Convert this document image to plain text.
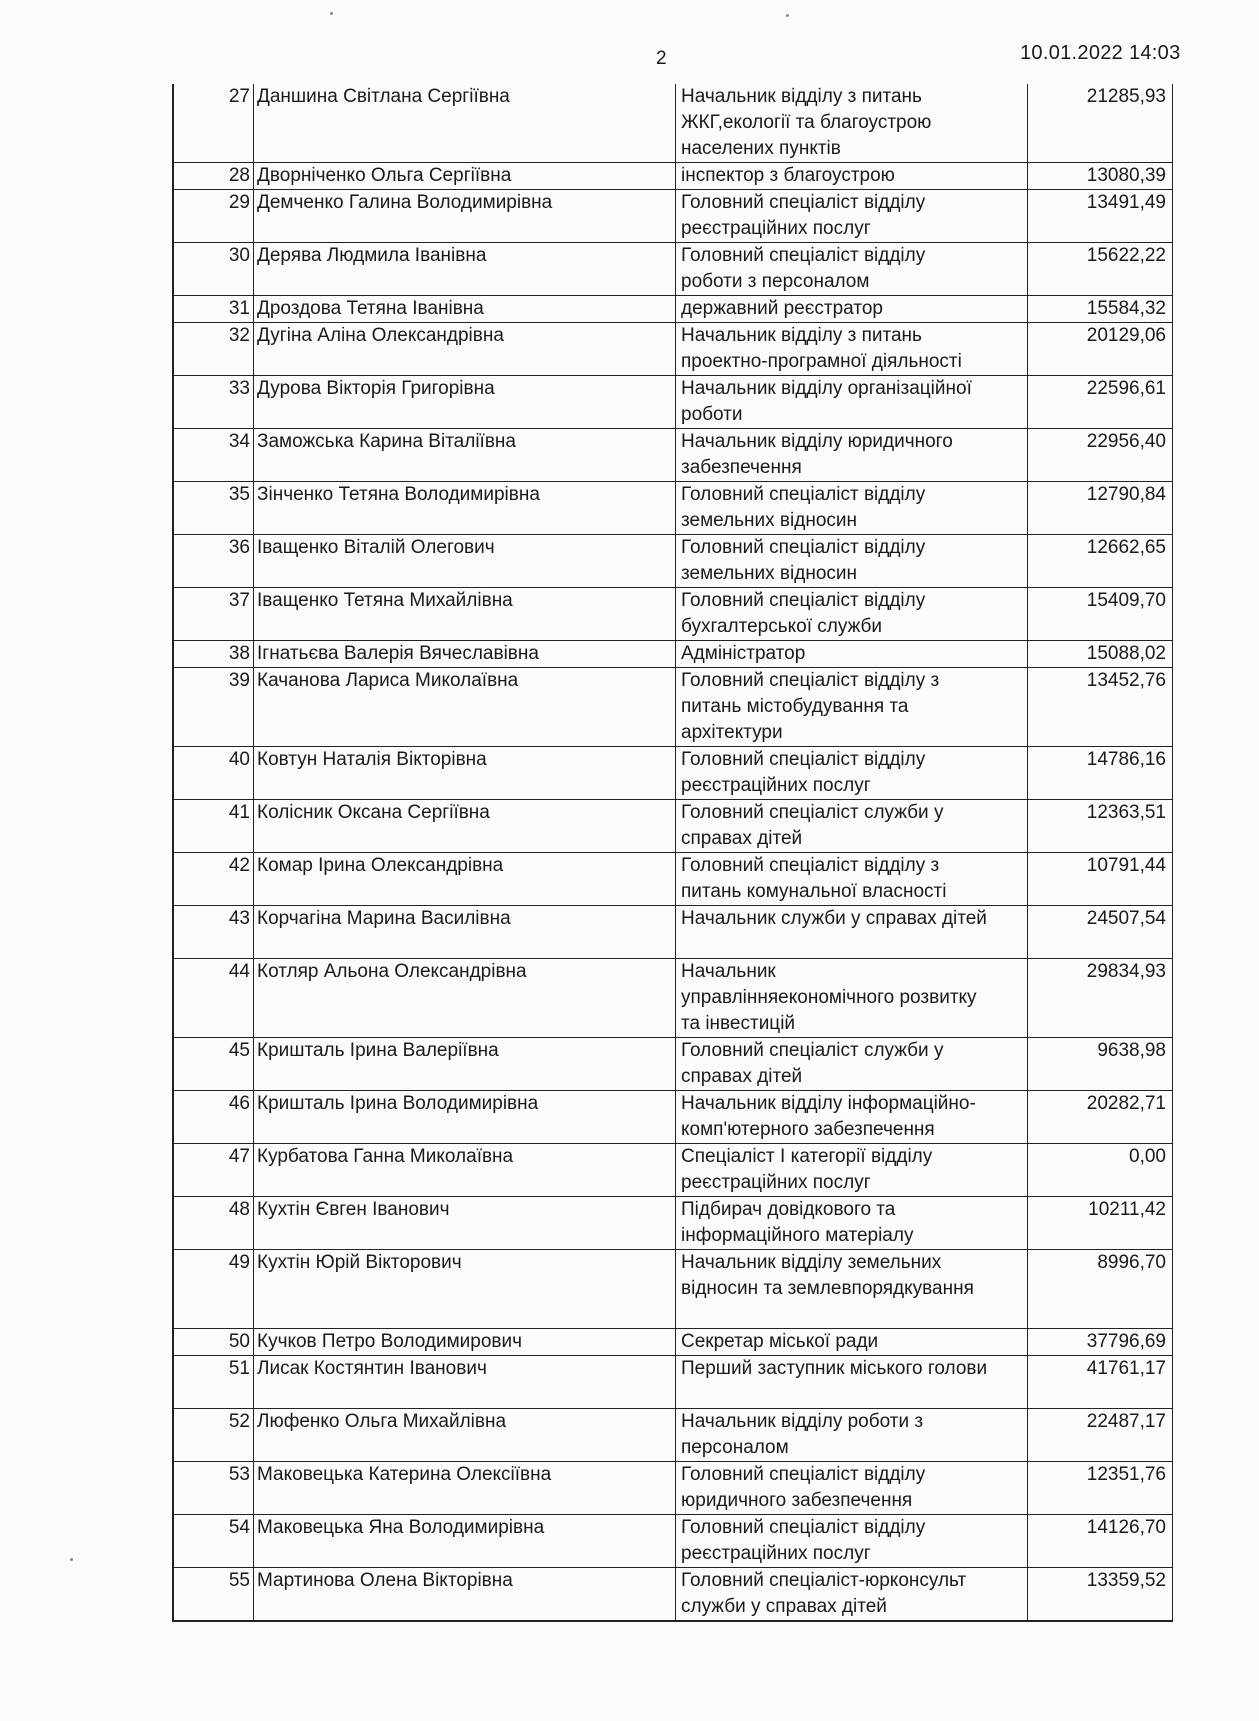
2	10.01.2022 14:03
27	Даншина Світлана Сергіївна	Начальник відділу з питань
ЖКГ,екології та благоустрою
населених пунктів	21285,93
28	Дворніченко Ольга Сергіївна	інспектор з благоустрою	13080,39
29	Демченко Галина Володимирівна	Головний спеціаліст відділу
реєстраційних послуг	13491,49
30	Дерява Людмила Іванівна	Головний спеціаліст відділу
роботи з персоналом	15622,22
31	Дроздова Тетяна Іванівна	державний реєстратор	15584,32
32	Дугіна Аліна Олександрівна	Начальник відділу з питань
проектно-програмної діяльності	20129,06
33	Дурова Вікторія Григорівна	Начальник відділу організаційної
роботи	22596,61
34	Заможська Карина Віталіївна	Начальник відділу юридичного
забезпечення	22956,40
35	Зінченко Тетяна Володимирівна	Головний спеціаліст відділу
земельних відносин	12790,84
36	Іващенко Віталій Олегович	Головний спеціаліст відділу
земельних відносин	12662,65
37	Іващенко Тетяна Михайлівна	Головний спеціаліст відділу
бухгалтерської служби	15409,70
38	Ігнатьєва Валерія Вячеславівна	Адміністратор	15088,02
39	Качанова Лариса Миколаївна	Головний спеціаліст відділу з
питань містобудування та
архітектури	13452,76
40	Ковтун Наталія Вікторівна	Головний спеціаліст відділу
реєстраційних послуг	14786,16
41	Колісник Оксана Сергіївна	Головний спеціаліст служби у
справах дітей	12363,51
42	Комар Ірина Олександрівна	Головний спеціаліст відділу з
питань комунальної власності	10791,44
43	Корчагіна Марина Василівна	Начальник служби у справах дітей	24507,54
44	Котляр Альона Олександрівна	Начальник
управлінняекономічного розвитку
та інвестицій	29834,93
45	Кришталь Ірина Валеріївна	Головний спеціаліст служби у
справах дітей	9638,98
46	Кришталь Ірина Володимирівна	Начальник відділу інформаційно-
комп'ютерного забезпечення	20282,71
47	Курбатова Ганна Миколаївна	Спеціаліст І категорії відділу
реєстраційних послуг	0,00
48	Кухтін Євген Іванович	Підбирач довідкового та
інформаційного матеріалу	10211,42
49	Кухтін Юрій Вікторович	Начальник відділу земельних
відносин та землевпорядкування	8996,70
50	Кучков Петро Володимирович	Секретар міської ради	37796,69
51	Лисак Костянтин Іванович	Перший заступник міського голови	41761,17
52	Люфенко Ольга Михайлівна	Начальник відділу роботи з
персоналом	22487,17
53	Маковецька Катерина Олексіївна	Головний спеціаліст відділу
юридичного забезпечення	12351,76
54	Маковецька Яна Володимирівна	Головний спеціаліст відділу
реєстраційних послуг	14126,70
55	Мартинова Олена Вікторівна	Головний спеціаліст-юрконсульт
служби у справах дітей	13359,52
